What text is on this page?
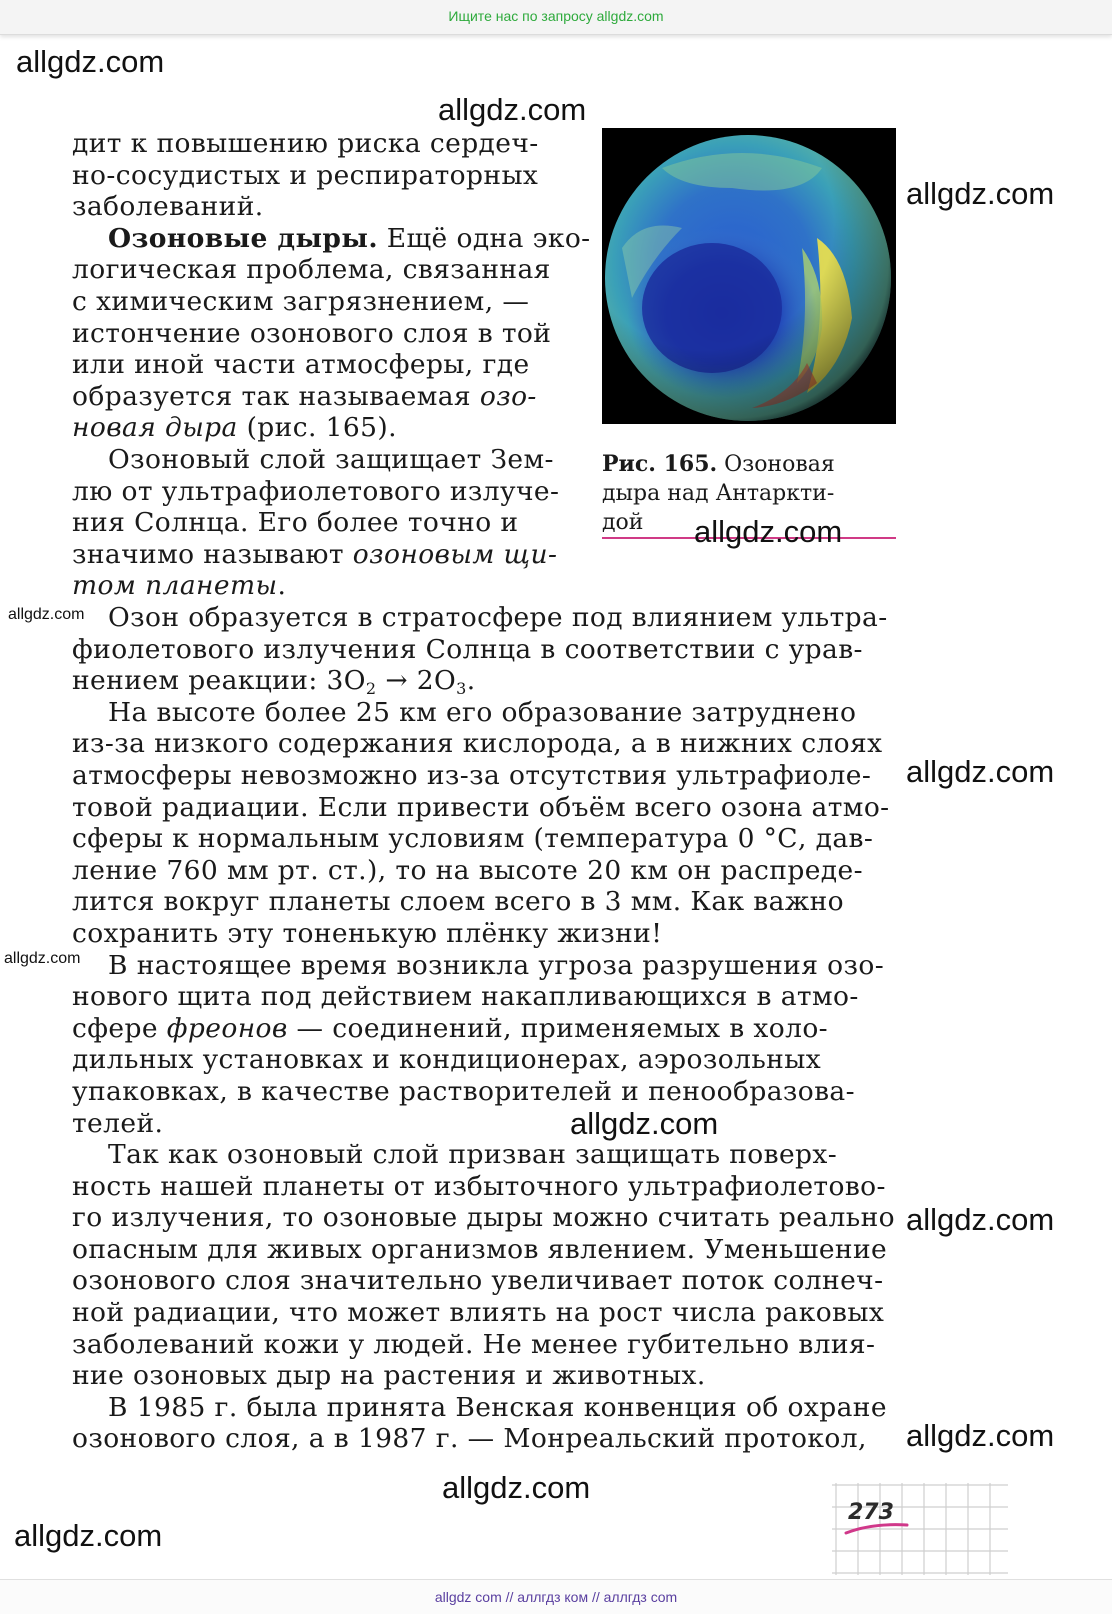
Ищите нас по запросу allgdz.com
Рис. 165. Озоновая
дыра над Антаркти-
дой
дит к повышению риска сердеч-
но-сосудистых и респираторных
заболеваний.
Озоновые дыры. Ещё одна эко-
логическая проблема, связанная
с химическим загрязнением, —
истончение озонового слоя в той
или иной части атмосферы, где
образуется так называемая озо-
новая дыра (рис. 165).
Озоновый слой защищает Зем-
лю от ультрафиолетового излуче-
ния Солнца. Его более точно и
значимо называют озоновым щи-
том планеты.
Озон образуется в стратосфере под влиянием ультра-
фиолетового излучения Солнца в соответствии с урав-
нением реакции: $3O_2 \to 2O_3$.
На высоте более 25 км его образование затруднено
из-за низкого содержания кислорода, а в нижних слоях
атмосферы невозможно из-за отсутствия ультрафиоле-
товой радиации. Если привести объём всего озона атмо-
сферы к нормальным условиям (температура 0 °С, дав-
ление 760 мм рт. ст.), то на высоте 20 км он распреде-
лится вокруг планеты слоем всего в 3 мм. Как важно
сохранить эту тоненькую плёнку жизни!
В настоящее время возникла угроза разрушения озо-
нового щита под действием накапливающихся в атмо-
сфере фреонов — соединений, применяемых в холо-
дильных установках и кондиционерах, аэрозольных
упаковках, в качестве растворителей и пенообразова-
телей.
Так как озоновый слой призван защищать поверх-
ность нашей планеты от избыточного ультрафиолетово-
го излучения, то озоновые дыры можно считать реально
опасным для живых организмов явлением. Уменьшение
озонового слоя значительно увеличивает поток солнеч-
ной радиации, что может влиять на рост числа раковых
заболеваний кожи у людей. Не менее губительно влия-
ние озоновых дыр на растения и животных.
В 1985 г. была принята Венская конвенция об охране
озонового слоя, а в 1987 г. — Монреальский протокол,
273
allgdz.com
allgdz.com
allgdz.com
allgdz.com
allgdz.com
allgdz.com
allgdz.com
allgdz.com
allgdz.com
allgdz.com
allgdz.com
allgdz.com
allgdz com // аллгдз ком // аллгдз com
